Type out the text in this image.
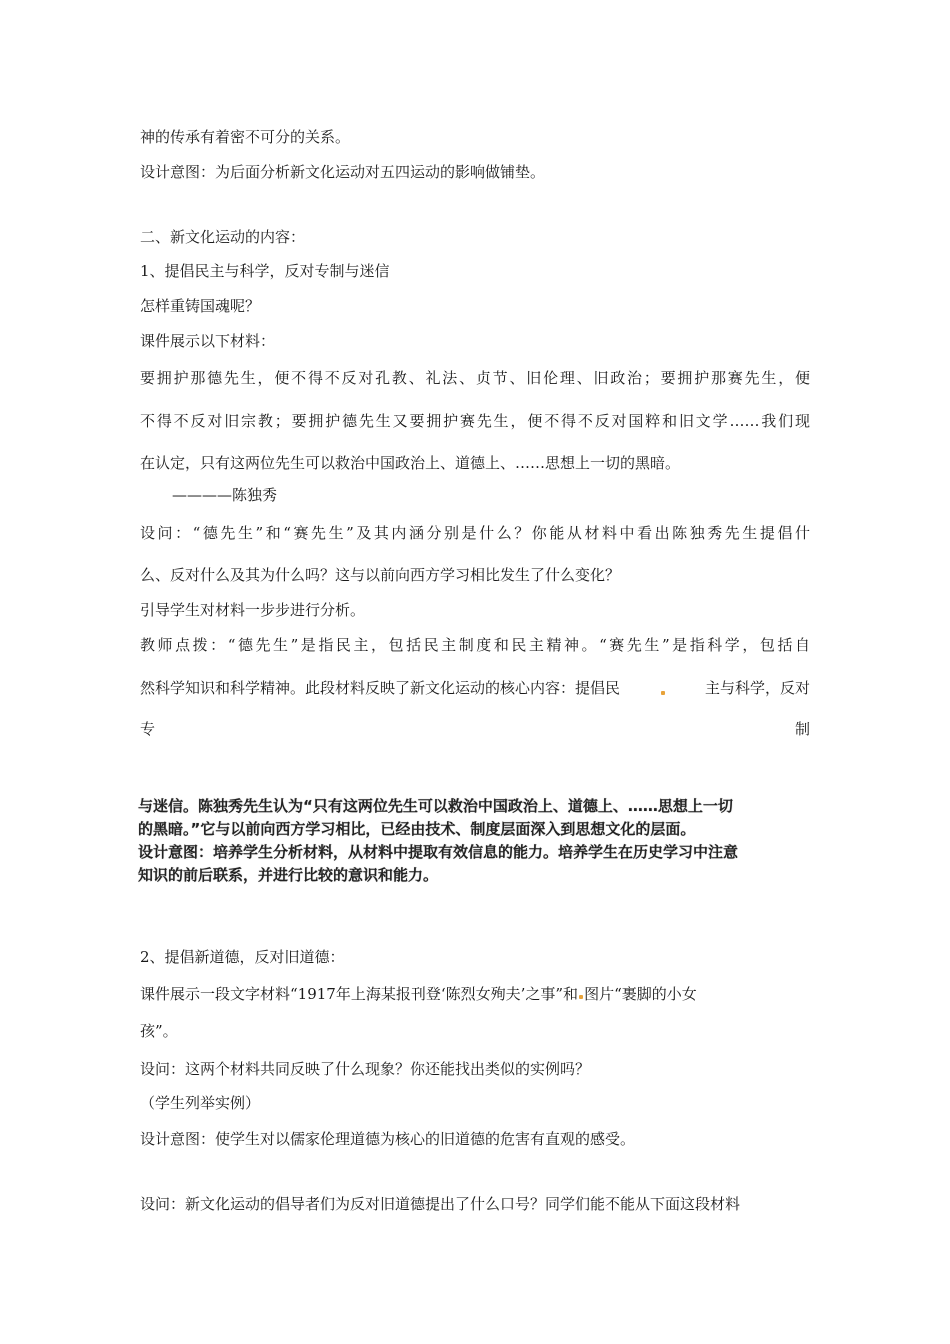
神的传承有着密不可分的关系。

设计意图：为后面分析新文化运动对五四运动的影响做铺垫。

二、新文化运动的内容：

1、提倡民主与科学，反对专制与迷信

怎样重铸国魂呢？

课件展示以下材料：

要拥护那德先生，便不得不反对孔教、礼法、贞节、旧伦理、旧政治；要拥护那赛先生，便

不得不反对旧宗教；要拥护德先生又要拥护赛先生，便不得不反对国粹和旧文学……我们现

在认定，只有这两位先生可以救治中国政治上、道德上、……思想上一切的黑暗。

————陈独秀

设问：“德先生”和“赛先生”及其内涵分别是什么？你能从材料中看出陈独秀先生提倡什

么、反对什么及其为什么吗？这与以前向西方学习相比发生了什么变化？

引导学生对材料一步步进行分析。

教师点拨：“德先生”是指民主，包括民主制度和民主精神。“赛先生”是指科学，包括自

然科学知识和科学精神。此段材料反映了新文化运动的核心内容：提倡民	主与科学，反对

专	制

与迷信。陈独秀先生认为“只有这两位先生可以救治中国政治上、道德上、……思想上一切

的黑暗。”它与以前向西方学习相比，已经由技术、制度层面深入到思想文化的层面。

设计意图：培养学生分析材料，从材料中提取有效信息的能力。培养学生在历史学习中注意

知识的前后联系，并进行比较的意识和能力。

2、提倡新道德，反对旧道德：

课件展示一段文字材料“1917年上海某报刊登‘陈烈女殉夫’之事”和 图片“裹脚的小女

孩”。

设问：这两个材料共同反映了什么现象？你还能找出类似的实例吗？

（学生列举实例）

设计意图：使学生对以儒家伦理道德为核心的旧道德的危害有直观的感受。

设问：新文化运动的倡导者们为反对旧道德提出了什么口号？同学们能不能从下面这段材料
